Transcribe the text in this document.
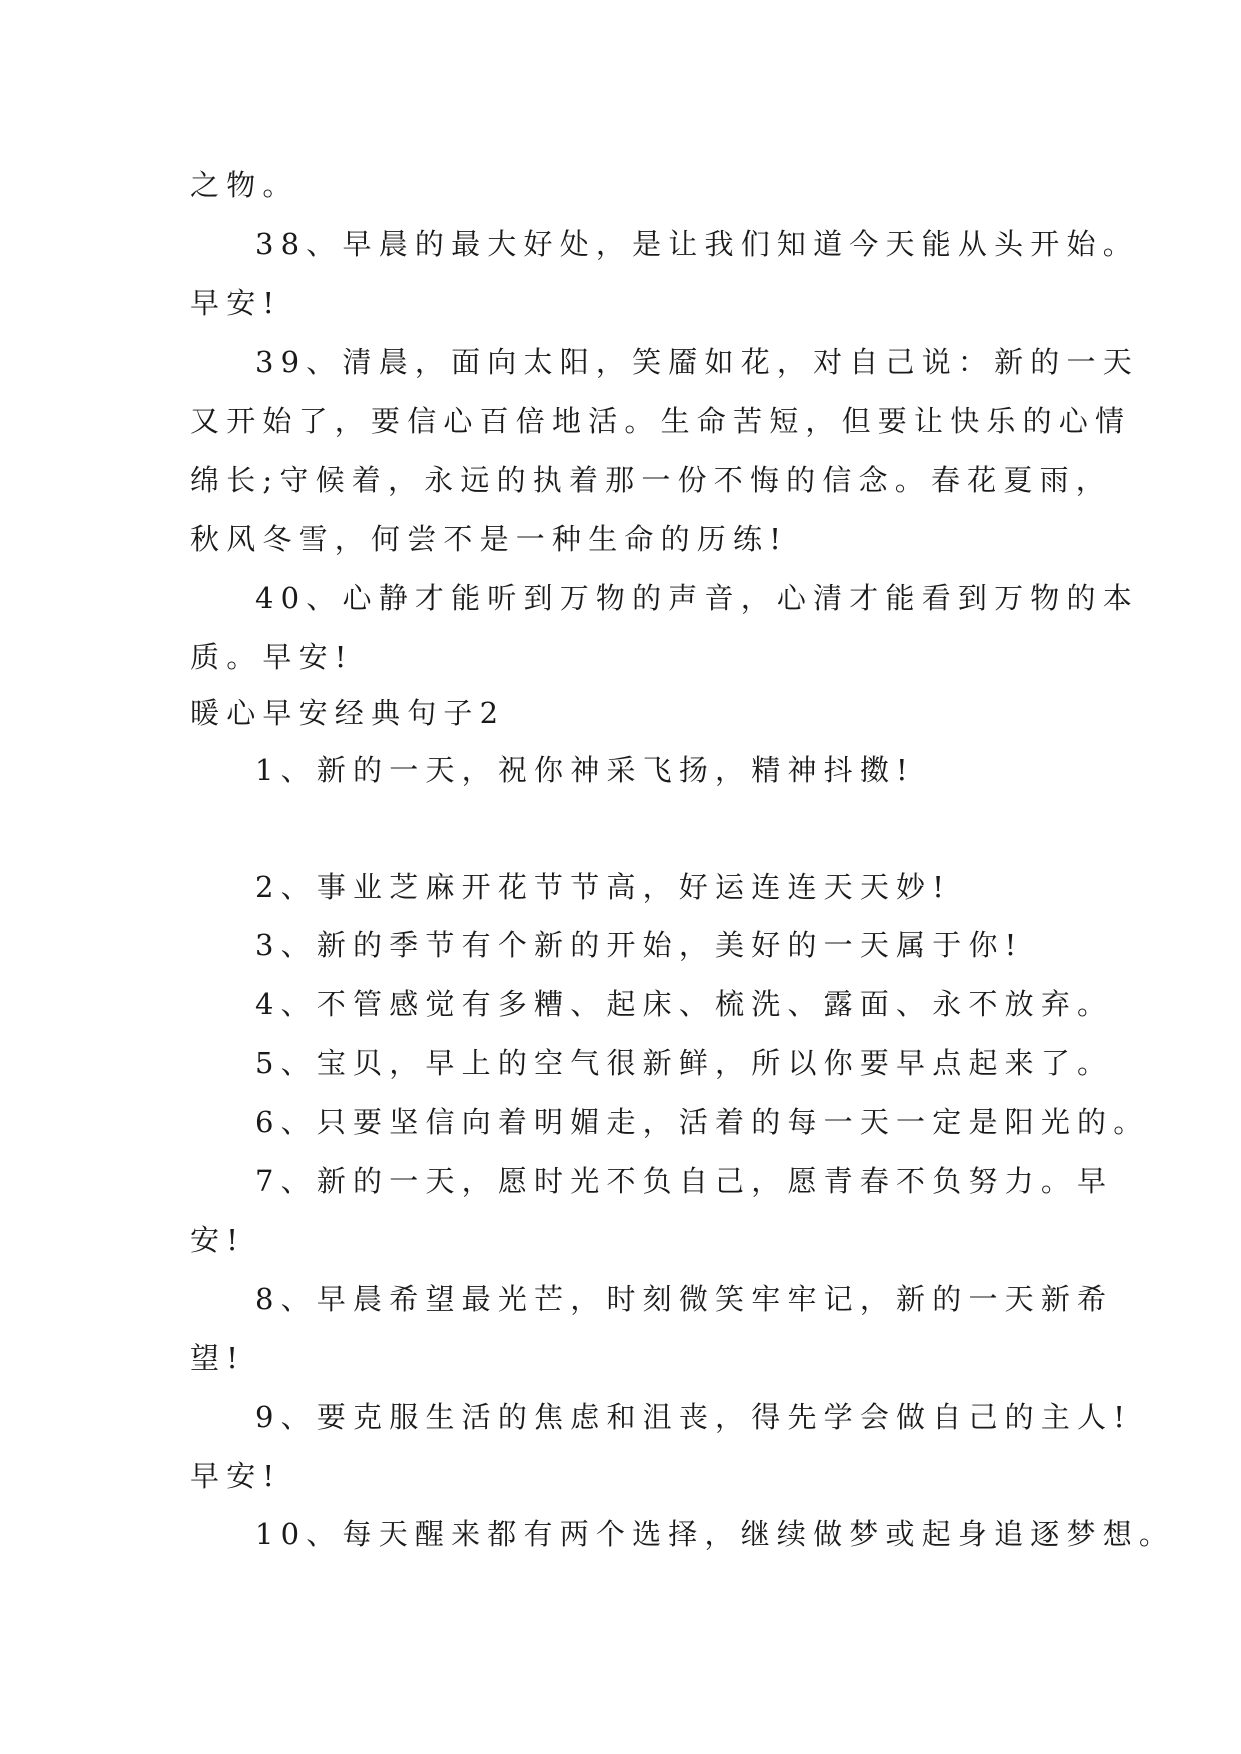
之物。
38、早晨的最大好处，是让我们知道今天能从头开始。
早安!
39、清晨，面向太阳，笑靥如花，对自己说：新的一天
又开始了，要信心百倍地活。生命苦短，但要让快乐的心情
绵长;守候着，永远的执着那一份不悔的信念。春花夏雨，
秋风冬雪，何尝不是一种生命的历练!
40、心静才能听到万物的声音，心清才能看到万物的本
质。早安!
暖心早安经典句子2
1、新的一天，祝你神采飞扬，精神抖擞!
2、事业芝麻开花节节高，好运连连天天妙!
3、新的季节有个新的开始，美好的一天属于你!
4、不管感觉有多糟、起床、梳洗、露面、永不放弃。
5、宝贝，早上的空气很新鲜，所以你要早点起来了。
6、只要坚信向着明媚走，活着的每一天一定是阳光的。
7、新的一天，愿时光不负自己，愿青春不负努力。早
安!
8、早晨希望最光芒，时刻微笑牢牢记，新的一天新希
望!
9、要克服生活的焦虑和沮丧，得先学会做自己的主人!
早安!
10、每天醒来都有两个选择，继续做梦或起身追逐梦想。
